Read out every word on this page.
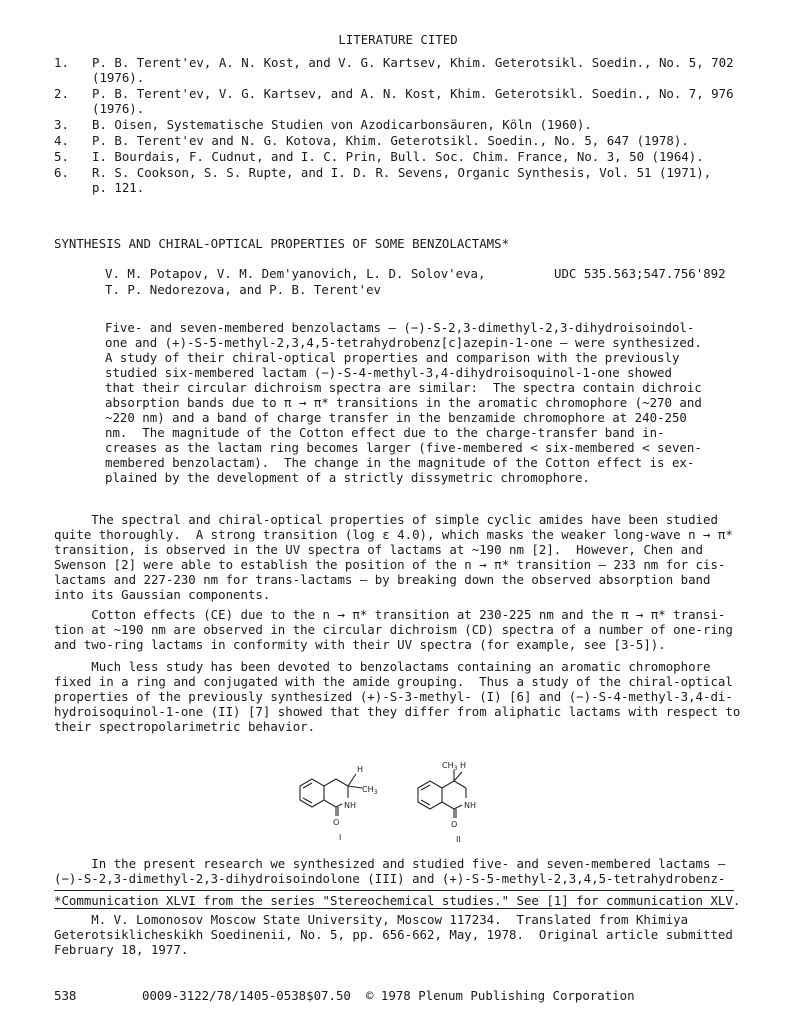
LITERATURE CITED
1. P. B. Terent'ev, A. N. Kost, and V. G. Kartsev, Khim. Geterotsikl. Soedin., No. 5, 702
(1976).
2. P. B. Terent'ev, V. G. Kartsev, and A. N. Kost, Khim. Geterotsikl. Soedin., No. 7, 976
(1976).
3. B. Oisen, Systematische Studien von Azodicarbonsäuren, Köln (1960).
4. P. B. Terent'ev and N. G. Kotova, Khim. Geterotsikl. Soedin., No. 5, 647 (1978).
5. I. Bourdais, F. Cudnut, and I. C. Prin, Bull. Soc. Chim. France, No. 3, 50 (1964).
6. R. S. Cookson, S. S. Rupte, and I. D. R. Sevens, Organic Synthesis, Vol. 51 (1971),
p. 121.
SYNTHESIS AND CHIRAL-OPTICAL PROPERTIES OF SOME BENZOLACTAMS*
V. M. Potapov, V. M. Dem'yanovich, L. D. Solov'eva,
T. P. Nedorezova, and P. B. Terent'ev
UDC 535.563;547.756'892
Five- and seven-membered benzolactams — (−)-S-2,3-dimethyl-2,3-dihydroisoindol-
one and (+)-S-5-methyl-2,3,4,5-tetrahydrobenz[c]azepin-1-one — were synthesized.
A study of their chiral-optical properties and comparison with the previously
studied six-membered lactam (−)-S-4-methyl-3,4-dihydroisoquinol-1-one showed
that their circular dichroism spectra are similar:  The spectra contain dichroic
absorption bands due to π → π* transitions in the aromatic chromophore (~270 and
~220 nm) and a band of charge transfer in the benzamide chromophore at 240-250
nm.  The magnitude of the Cotton effect due to the charge-transfer band in-
creases as the lactam ring becomes larger (five-membered < six-membered < seven-
membered benzolactam).  The change in the magnitude of the Cotton effect is ex-
plained by the development of a strictly dissymetric chromophore.
The spectral and chiral-optical properties of simple cyclic amides have been studied
quite thoroughly.  A strong transition (log ε 4.0), which masks the weaker long-wave n → π*
transition, is observed in the UV spectra of lactams at ~190 nm [2].  However, Chen and
Swenson [2] were able to establish the position of the n → π* transition — 233 nm for cis-
lactams and 227-230 nm for trans-lactams — by breaking down the observed absorption band
into its Gaussian components.
Cotton effects (CE) due to the n → π* transition at 230-225 nm and the π → π* transi-
tion at ~190 nm are observed in the circular dichroism (CD) spectra of a number of one-ring
and two-ring lactams in conformity with their UV spectra (for example, see [3-5]).
Much less study has been devoted to benzolactams containing an aromatic chromophore
fixed in a ring and conjugated with the amide grouping.  Thus a study of the chiral-optical
properties of the previously synthesized (+)-S-3-methyl- (I) [6] and (−)-S-4-methyl-3,4-di-
hydroisoquinol-1-one (II) [7] showed that they differ from aliphatic lactams with respect to
their spectropolarimetric behavior.
H
$CH_3$
NH
O
I
$CH_3$ H
NH
O
II
In the present research we synthesized and studied five- and seven-membered lactams —
(−)-S-2,3-dimethyl-2,3-dihydroisoindolone (III) and (+)-S-5-methyl-2,3,4,5-tetrahydrobenz-
*Communication XLVI from the series "Stereochemical studies." See [1] for communication XLV.
M. V. Lomonosov Moscow State University, Moscow 117234.  Translated from Khimiya
Geterotsiklicheskikh Soedinenii, No. 5, pp. 656-662, May, 1978.  Original article submitted
February 18, 1977.
538	0009-3122/78/1405-0538$07.50 © 1978 Plenum Publishing Corporation
